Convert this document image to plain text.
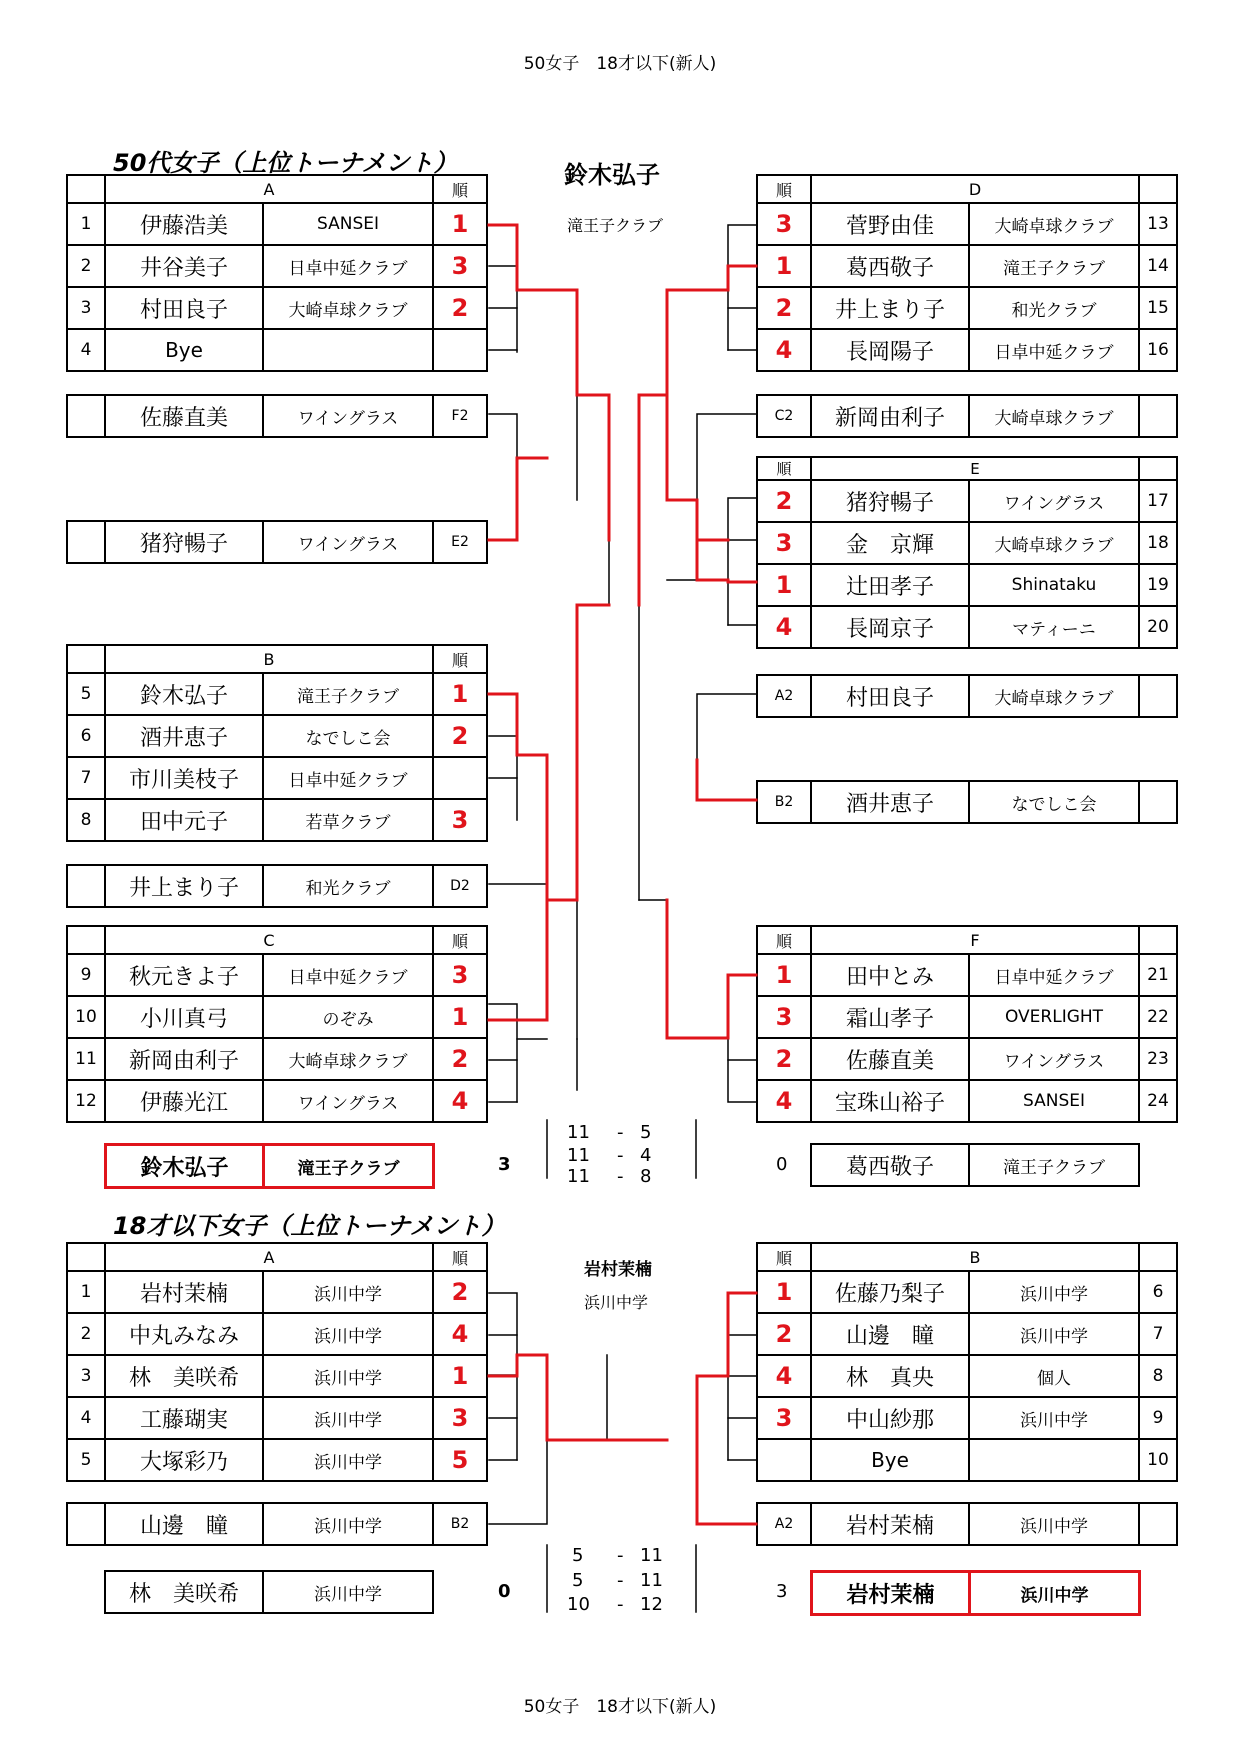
50女子　18才以下(新人)
50代女子（上位トーナメント）	鈴木弘子
滝王子クラブ
	A		順
1	伊藤浩美	SANSEI	1
2	井谷美子	日卓中延クラブ	3
3	村田良子	大崎卓球クラブ	2
4	Bye		
	佐藤直美	ワイングラス	F2
	猪狩暢子	ワイングラス	E2
	B		順
5	鈴木弘子	滝王子クラブ	1
6	酒井恵子	なでしこ会	2
7	市川美枝子	日卓中延クラブ	
8	田中元子	若草クラブ	3
	井上まり子	和光クラブ	D2
	C		順
9	秋元きよ子	日卓中延クラブ	3
10	小川真弓	のぞみ	1
11	新岡由利子	大崎卓球クラブ	2
12	伊藤光江	ワイングラス	4
順	D		
3	菅野由佳	大崎卓球クラブ	13
1	葛西敬子	滝王子クラブ	14
2	井上まり子	和光クラブ	15
4	長岡陽子	日卓中延クラブ	16
C2	新岡由利子	大崎卓球クラブ	
順	E		
2	猪狩暢子	ワイングラス	17
3	金　京輝	大崎卓球クラブ	18
1	辻田孝子	Shinataku	19
4	長岡京子	マティーニ	20
A2	村田良子	大崎卓球クラブ	
B2	酒井恵子	なでしこ会	
順	F		
1	田中とみ	日卓中延クラブ	21
3	霜山孝子	OVERLIGHT	22
2	佐藤直美	ワイングラス	23
4	宝珠山裕子	SANSEI	24
鈴木弘子	滝王子クラブ	3
11 - 5
11 - 4
11 - 8
0	葛西敬子	滝王子クラブ
18才以下女子（上位トーナメント）
岩村茉楠
浜川中学
	A		順
1	岩村茉楠	浜川中学	2
2	中丸みなみ	浜川中学	4
3	林　美咲希	浜川中学	1
4	工藤瑚実	浜川中学	3
5	大塚彩乃	浜川中学	5
	山邊　瞳	浜川中学	B2
順	B		
1	佐藤乃梨子	浜川中学	6
2	山邊　瞳	浜川中学	7
4	林　真央	個人	8
3	中山紗那	浜川中学	9
	Bye		10
A2	岩村茉楠	浜川中学	
林　美咲希	浜川中学	0
5 - 11
5 - 11
10 - 12
3	岩村茉楠	浜川中学
50女子　18才以下(新人)
